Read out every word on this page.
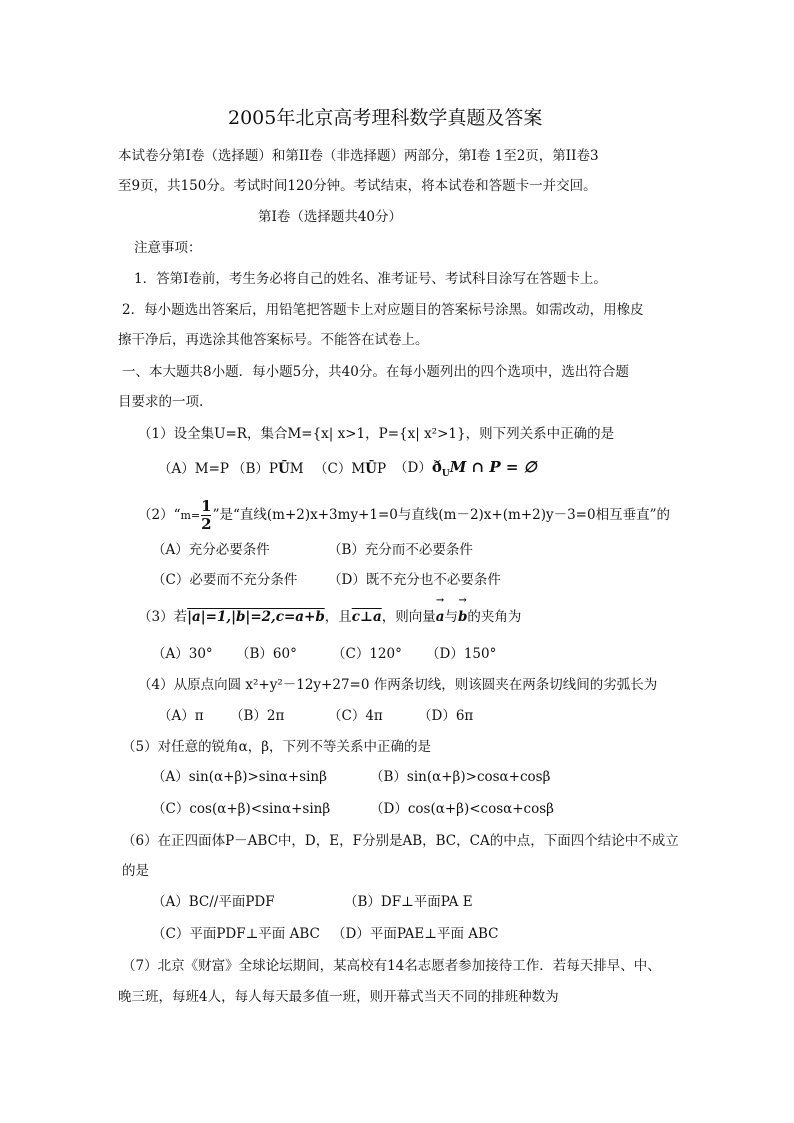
2005年北京高考理科数学真题及答案
本试卷分第I卷（选择题）和第II卷（非选择题）两部分，第I卷 1至2页，第II卷3
至9页，共150分。考试时间120分钟。考试结束，将本试卷和答题卡一并交回。
第I卷（选择题共40分）
注意事项：
1．答第I卷前，考生务必将自己的姓名、准考证号、考试科目涂写在答题卡上。
2．每小题选出答案后，用铅笔把答题卡上对应题目的答案标号涂黑。如需改动，用橡皮
擦干净后，再选涂其他答案标号。不能答在试卷上。
一、本大题共8小题．每小题5分，共40分。在每小题列出的四个选项中，选出符合题
目要求的一项.
（1）设全集U=R，集合M={x| x>1，P={x| x²>1}，则下列关系中正确的是
（A）M=P （B）PŪM （C）MŪP $(D)ð_UM$ ∩ P = ∅
（2）“m= $\frac{1}{2}$ ”是“直线(m+2)x+3my+1=0与直线(m－2)x+(m+2)y－3=0相互垂直”的
（A）充分必要条件	（B）充分而不必要条件
（C）必要而不充分条件 （D）既不充分也不必要条件
（3）若|a|=1,|b|=2,c=a+b，且c⊥a，则向量→ a与→ b的夹角为
（A）30° （B）60°	（C）120° （D）150°
（4）从原点向圆 x²+y²－12y+27=0 作两条切线，则该圆夹在两条切线间的劣弧长为
（A）π （B）2π	（C）4π	（D）6π
（5）对任意的锐角α，β，下列不等关系中正确的是
（A）sin(α+β)>sinα+sinβ	（B）sin(α+β)>cosα+cosβ
（C）cos(α+β)<sinα+sinβ	（D）cos(α+β)<cosα+cosβ
（6）在正四面体P－ABC中，D，E，F分别是AB，BC，CA的中点，下面四个结论中不成立
的是
（A）BC//平面PDF	（B）DF⊥平面PA E
（C）平面PDF⊥平面 ABC （D）平面PAE⊥平面 ABC
（7）北京《财富》全球论坛期间，某高校有14名志愿者参加接待工作．若每天排早、中、
晚三班，每班4人，每人每天最多值一班，则开幕式当天不同的排班种数为
